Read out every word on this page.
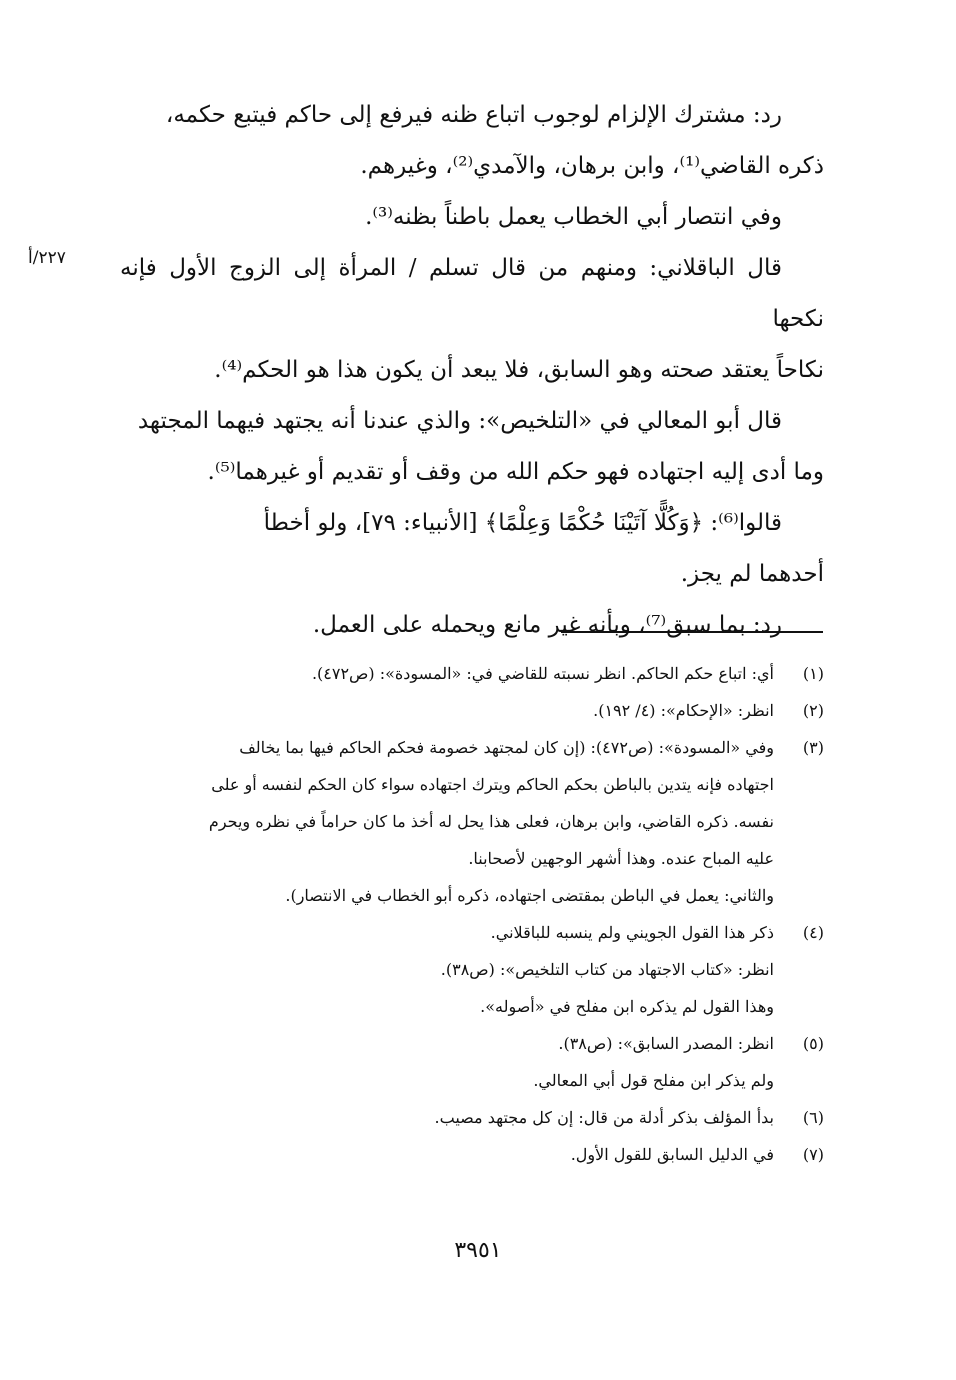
٢٢٧/أ

رد: مشترك الإلزام لوجوب اتباع ظنه فيرفع إلى حاكم فيتبع حكمه،

ذكره القاضي⁽¹⁾، وابن برهان، والآمدي⁽²⁾، وغيرهم.

وفي انتصار أبي الخطاب يعمل باطناً بظنه⁽³⁾.

قال الباقلاني: ومنهم من قال تسلم / المرأة إلى الزوج الأول فإنه نكحها

نكاحاً يعتقد صحته وهو السابق، فلا يبعد أن يكون هذا هو الحكم⁽⁴⁾.

قال أبو المعالي في «التلخيص»: والذي عندنا أنه يجتهد فيهما المجتهد

وما أدى إليه اجتهاده فهو حكم الله من وقف أو تقديم أو غيرهما⁽⁵⁾.

قالوا⁽⁶⁾: ﴿وَكُلًّا آتَيْنَا حُكْمًا وَعِلْمًا﴾ [الأنبياء: ٧٩]، ولو أخطأ

أحدهما لم يجز.

رد: بما سبق⁽⁷⁾، وبأنه غير مانع ويحمله على العمل.

(١)
أي: اتباع حكم الحاكم. انظر نسبته للقاضي في: «المسودة»: (ص٤٧٢).
(٢)
انظر: «الإحكام»: (٤/ ١٩٢).
(٣)
وفي «المسودة»: (ص٤٧٢): (إن كان لمجتهد خصومة فحكم الحاكم فيها بما يخالف
اجتهاده فإنه يتدين بالباطن بحكم الحاكم ويترك اجتهاده سواء كان الحكم لنفسه أو على
نفسه. ذكره القاضي، وابن برهان، فعلى هذا يحل له أخذ ما كان حراماً في نظره ويحرم
عليه المباح عنده. وهذا أشهر الوجهين لأصحابنا.
والثاني: يعمل في الباطن بمقتضى اجتهاده، ذكره أبو الخطاب في الانتصار).
(٤)
ذكر هذا القول الجويني ولم ينسبه للباقلاني.
انظر: «كتاب الاجتهاد من كتاب التلخيص»: (ص٣٨).
وهذا القول لم يذكره ابن مفلح في «أصوله».
(٥)
انظر: المصدر السابق»: (ص٣٨).
ولم يذكر ابن مفلح قول أبي المعالي.
(٦)
بدأ المؤلف بذكر أدلة من قال: إن كل مجتهد مصيب.
(٧)
في الدليل السابق للقول الأول.
٣٩٥١
